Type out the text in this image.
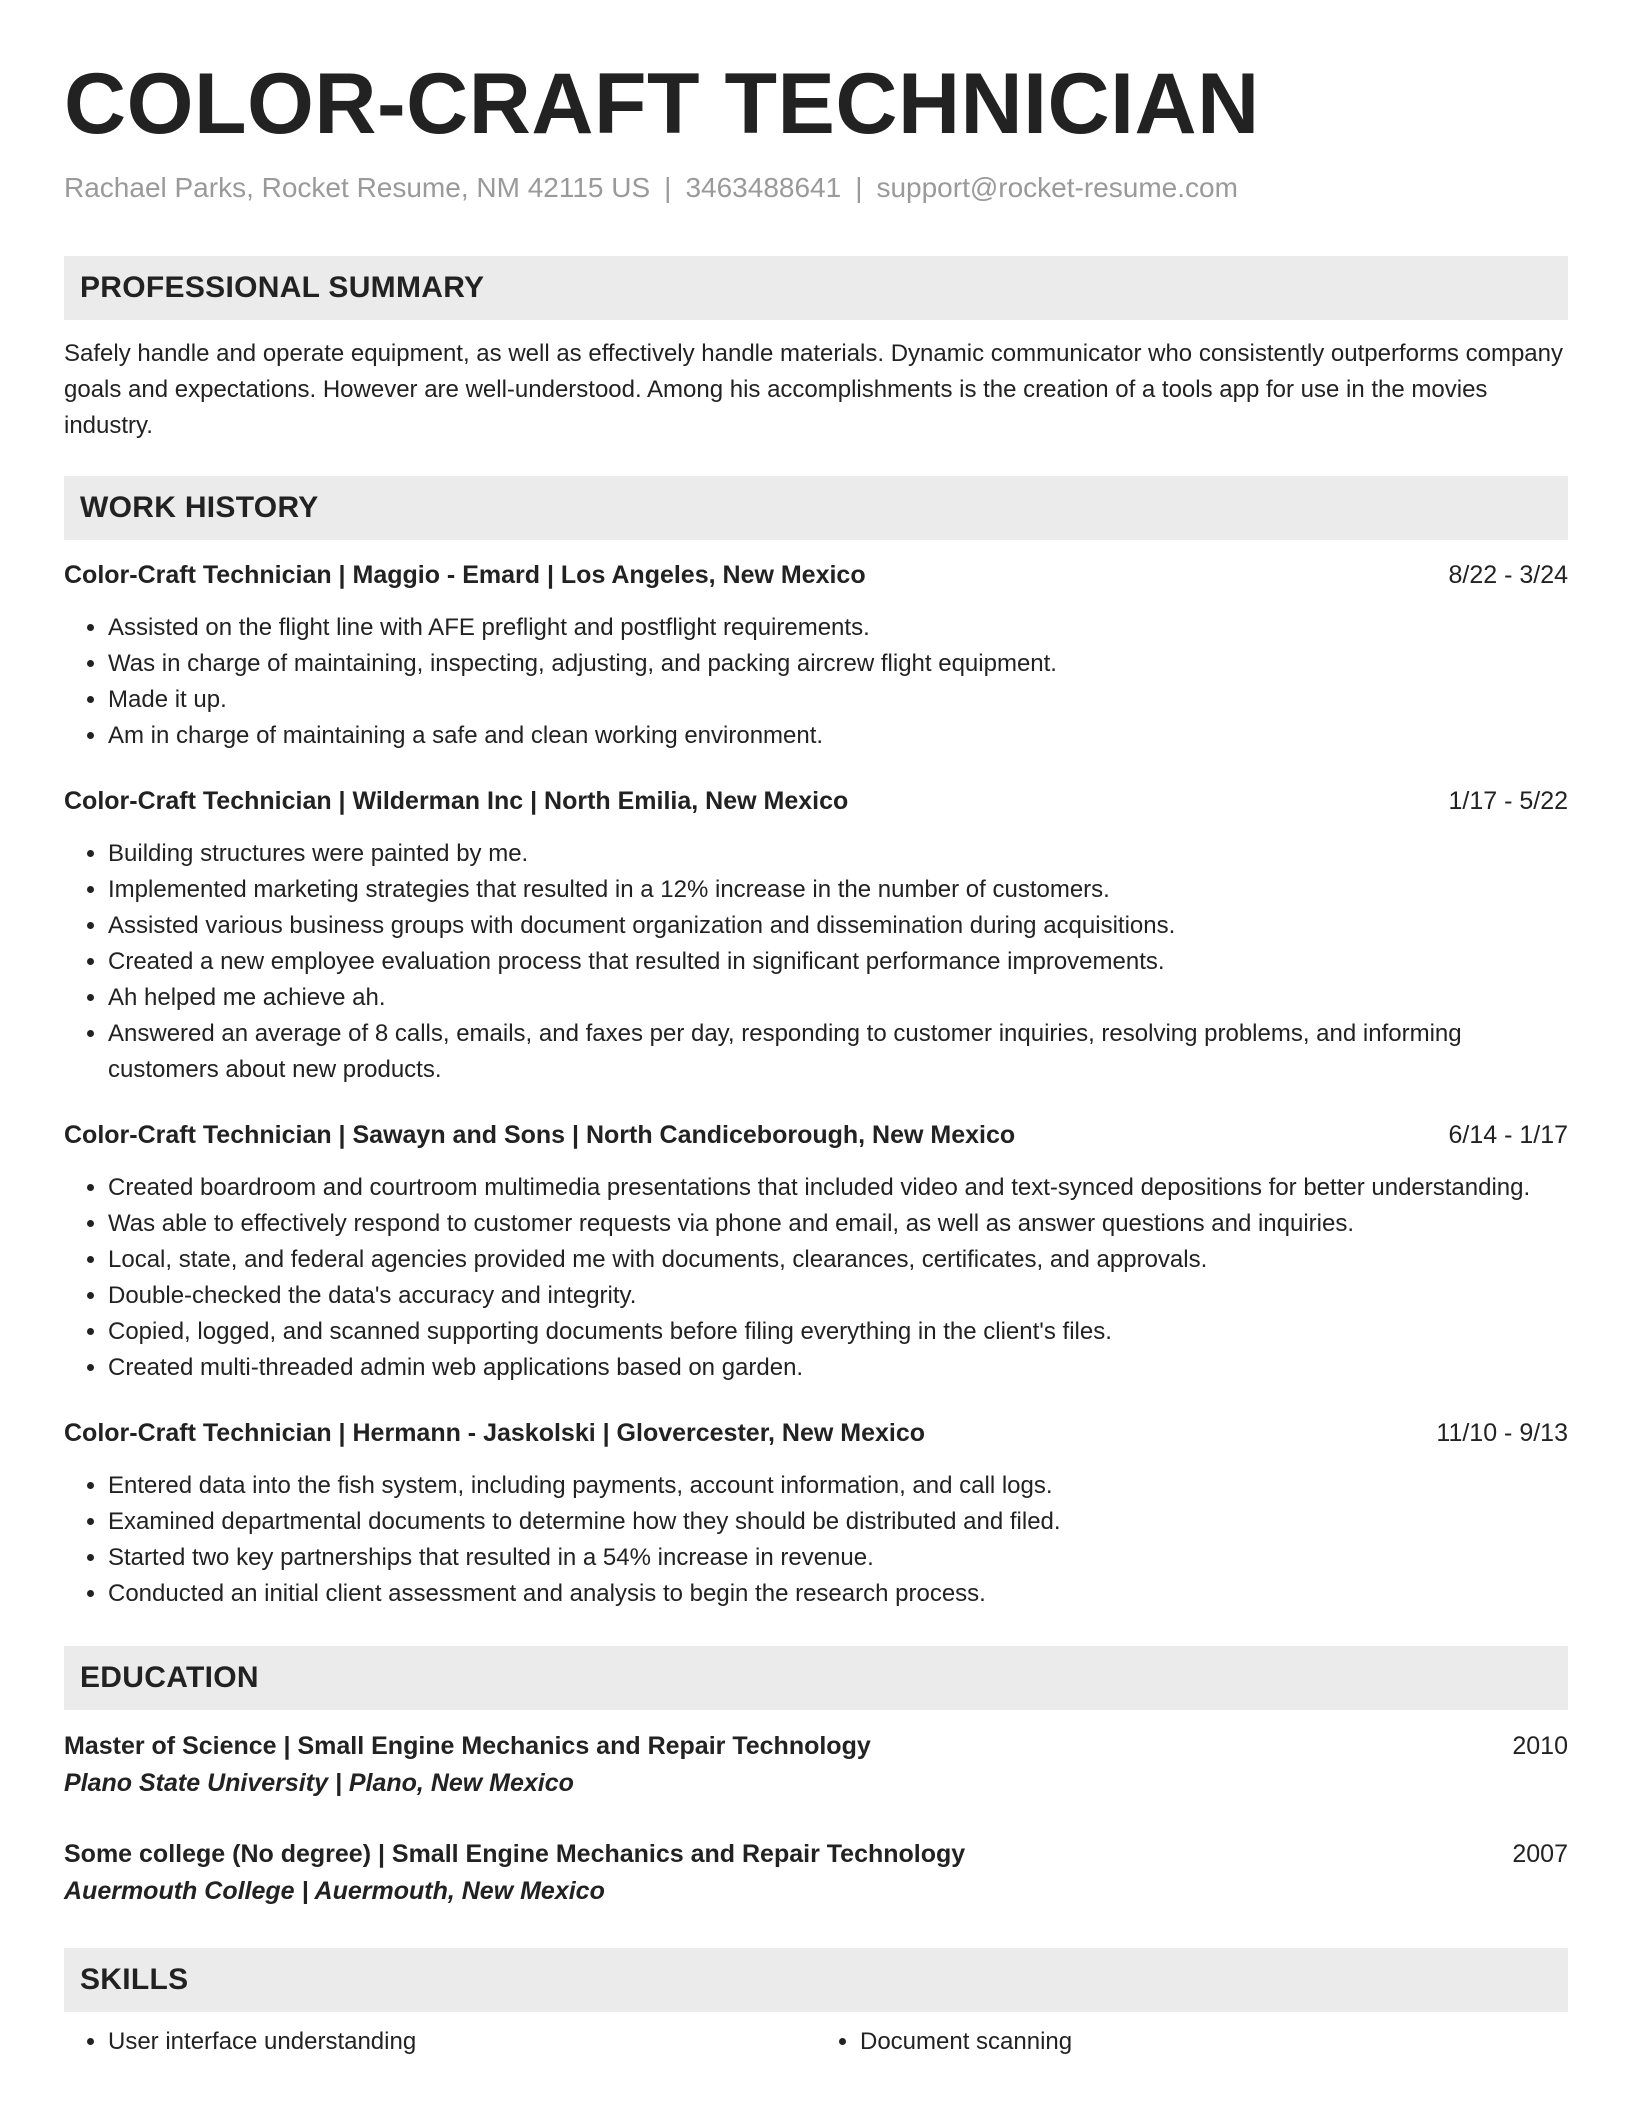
COLOR-CRAFT TECHNICIAN
Rachael Parks, Rocket Resume, NM 42115 US | 3463488641 | support@rocket-resume.com
PROFESSIONAL SUMMARY

Safely handle and operate equipment, as well as effectively handle materials. Dynamic communicator who consistently outperforms company goals and expectations. However are well-understood. Among his accomplishments is the creation of a tools app for use in the movies industry.

WORK HISTORY
Color-Craft Technician | Maggio - Emard | Los Angeles, New Mexico	8/22 - 3/24
• Assisted on the flight line with AFE preflight and postflight requirements.
• Was in charge of maintaining, inspecting, adjusting, and packing aircrew flight equipment.
• Made it up.
• Am in charge of maintaining a safe and clean working environment.
Color-Craft Technician | Wilderman Inc | North Emilia, New Mexico	1/17 - 5/22
• Building structures were painted by me.
• Implemented marketing strategies that resulted in a 12% increase in the number of customers.
• Assisted various business groups with document organization and dissemination during acquisitions.
• Created a new employee evaluation process that resulted in significant performance improvements.
• Ah helped me achieve ah.
• Answered an average of 8 calls, emails, and faxes per day, responding to customer inquiries, resolving problems, and informing customers about new products.
Color-Craft Technician | Sawayn and Sons | North Candiceborough, New Mexico	6/14 - 1/17
• Created boardroom and courtroom multimedia presentations that included video and text-synced depositions for better understanding.
• Was able to effectively respond to customer requests via phone and email, as well as answer questions and inquiries.
• Local, state, and federal agencies provided me with documents, clearances, certificates, and approvals.
• Double-checked the data's accuracy and integrity.
• Copied, logged, and scanned supporting documents before filing everything in the client's files.
• Created multi-threaded admin web applications based on garden.
Color-Craft Technician | Hermann - Jaskolski | Glovercester, New Mexico	11/10 - 9/13
• Entered data into the fish system, including payments, account information, and call logs.
• Examined departmental documents to determine how they should be distributed and filed.
• Started two key partnerships that resulted in a 54% increase in revenue.
• Conducted an initial client assessment and analysis to begin the research process.
EDUCATION
Master of Science | Small Engine Mechanics and Repair Technology	2010
Plano State University | Plano, New Mexico
Some college (No degree) | Small Engine Mechanics and Repair Technology	2007
Auermouth College | Auermouth, New Mexico
SKILLS
• User interface understanding
•	Document scanning
